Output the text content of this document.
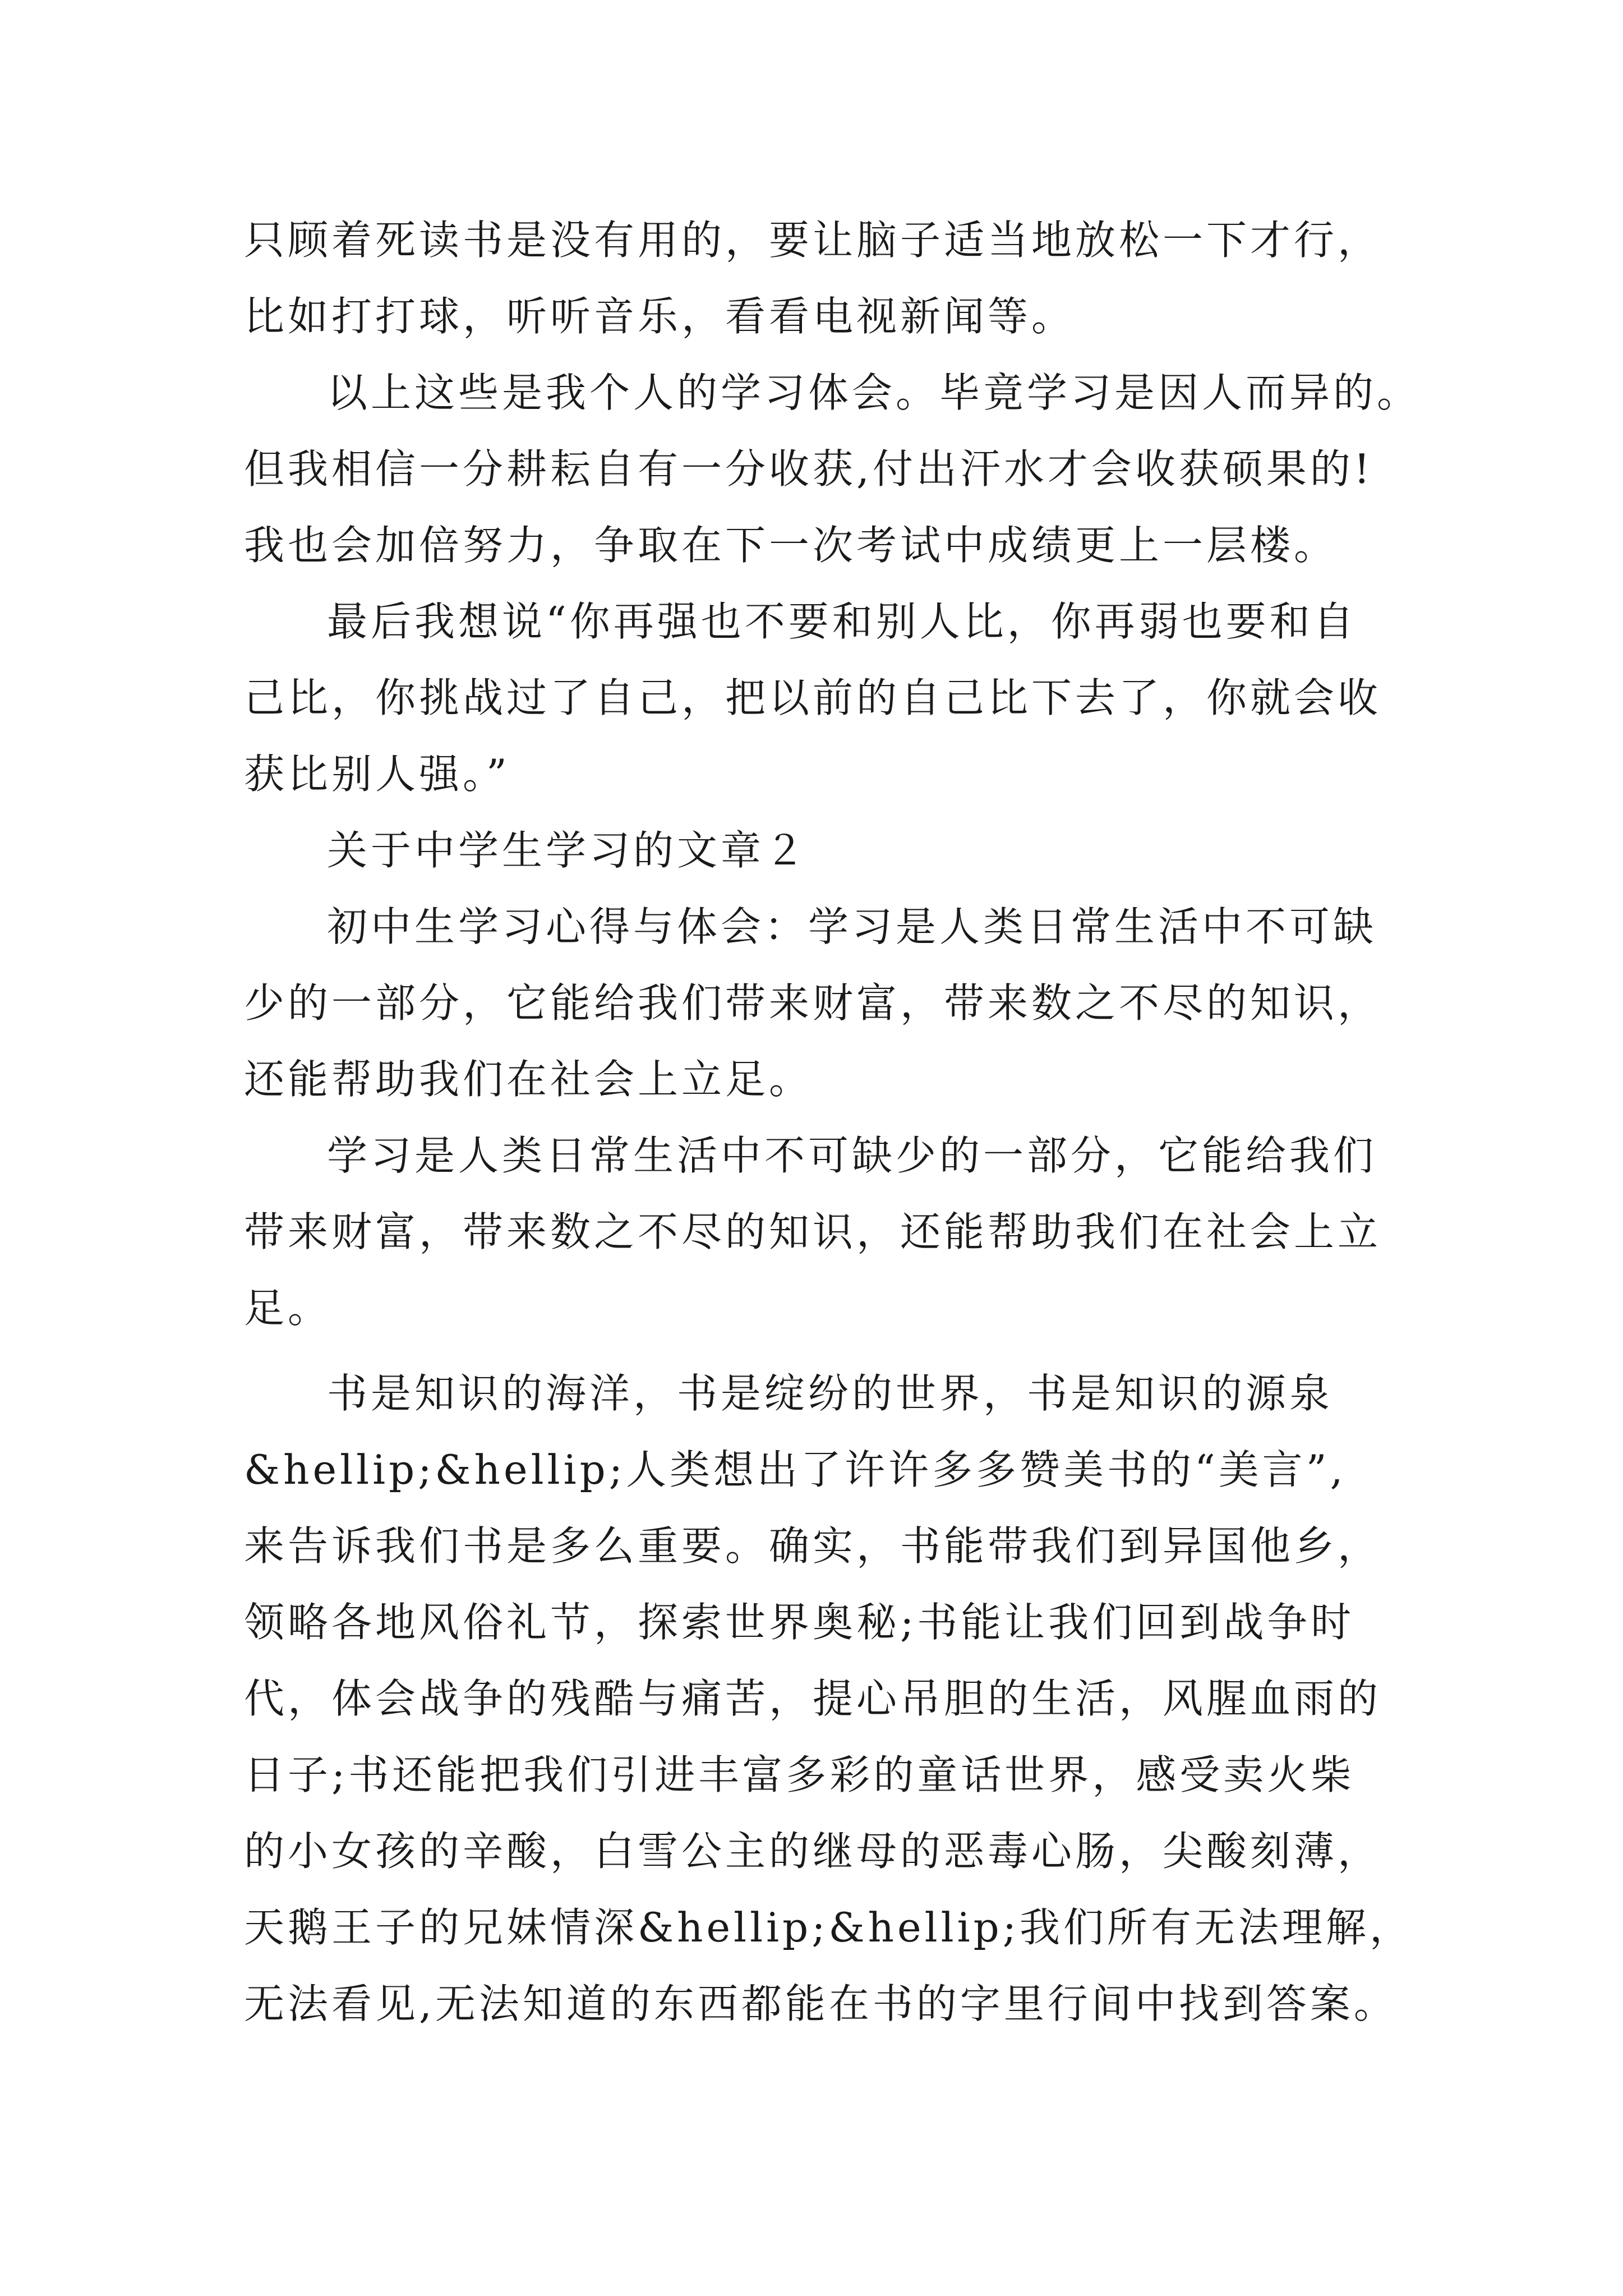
只顾着死读书是没有用的，要让脑子适当地放松一下才行，
比如打打球，听听音乐，看看电视新闻等。
以上这些是我个人的学习体会。毕竟学习是因人而异的。
但我相信一分耕耘自有一分收获,付出汗水才会收获硕果的!
我也会加倍努力，争取在下一次考试中成绩更上一层楼。
最后我想说“你再强也不要和别人比，你再弱也要和自
己比，你挑战过了自己，把以前的自己比下去了，你就会收
获比别人强。”
关于中学生学习的文章２
初中生学习心得与体会：学习是人类日常生活中不可缺
少的一部分，它能给我们带来财富，带来数之不尽的知识，
还能帮助我们在社会上立足。
学习是人类日常生活中不可缺少的一部分，它能给我们
带来财富，带来数之不尽的知识，还能帮助我们在社会上立
足。
书是知识的海洋，书是绽纷的世界，书是知识的源泉
&hellip;&hellip;人类想出了许许多多赞美书的“美言”,
来告诉我们书是多么重要。确实，书能带我们到异国他乡，
领略各地风俗礼节，探索世界奥秘;书能让我们回到战争时
代，体会战争的残酷与痛苦，提心吊胆的生活，风腥血雨的
日子;书还能把我们引进丰富多彩的童话世界，感受卖火柴
的小女孩的辛酸，白雪公主的继母的恶毒心肠，尖酸刻薄，
天鹅王子的兄妹情深&hellip;&hellip;我们所有无法理解，
无法看见,无法知道的东西都能在书的字里行间中找到答案。
